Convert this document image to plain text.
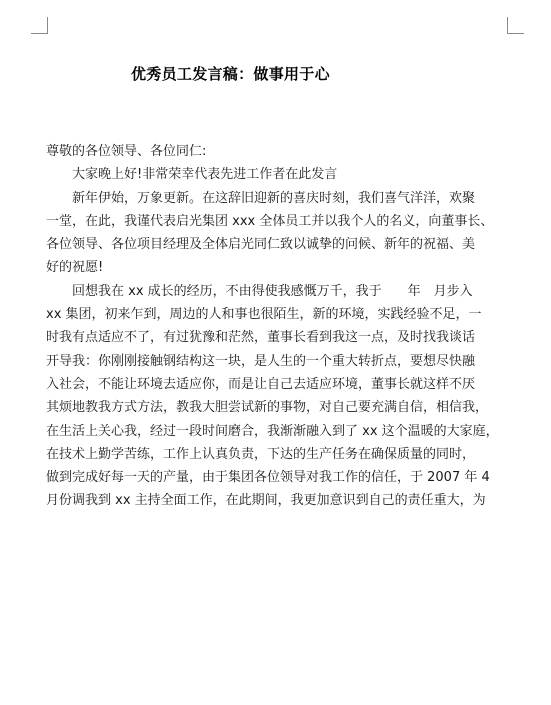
优秀员工发言稿：做事用于心
尊敬的各位领导、各位同仁:
大家晚上好!非常荣幸代表先进工作者在此发言
新年伊始，万象更新。在这辞旧迎新的喜庆时刻，我们喜气洋洋，欢聚
一堂，在此，我谨代表启光集团 xxx 全体员工并以我个人的名义，向董事长、
各位领导、各位项目经理及全体启光同仁致以诚挚的问候、新年的祝福、美
好的祝愿!
回想我在 xx 成长的经历，不由得使我感慨万千，我于　　年　月步入
xx 集团，初来乍到，周边的人和事也很陌生，新的环境，实践经验不足，一
时我有点适应不了，有过犹豫和茫然，董事长看到我这一点，及时找我谈话
开导我：你刚刚接触钢结构这一块，是人生的一个重大转折点，要想尽快融
入社会，不能让环境去适应你，而是让自己去适应环境，董事长就这样不厌
其烦地教我方式方法，教我大胆尝试新的事物，对自己要充满自信，相信我，
在生活上关心我，经过一段时间磨合，我渐渐融入到了 xx 这个温暖的大家庭，
在技术上勤学苦练，工作上认真负责，下达的生产任务在确保质量的同时，
做到完成好每一天的产量，由于集团各位领导对我工作的信任，于 2007 年 4
月份调我到 xx 主持全面工作，在此期间，我更加意识到自己的责任重大，为
